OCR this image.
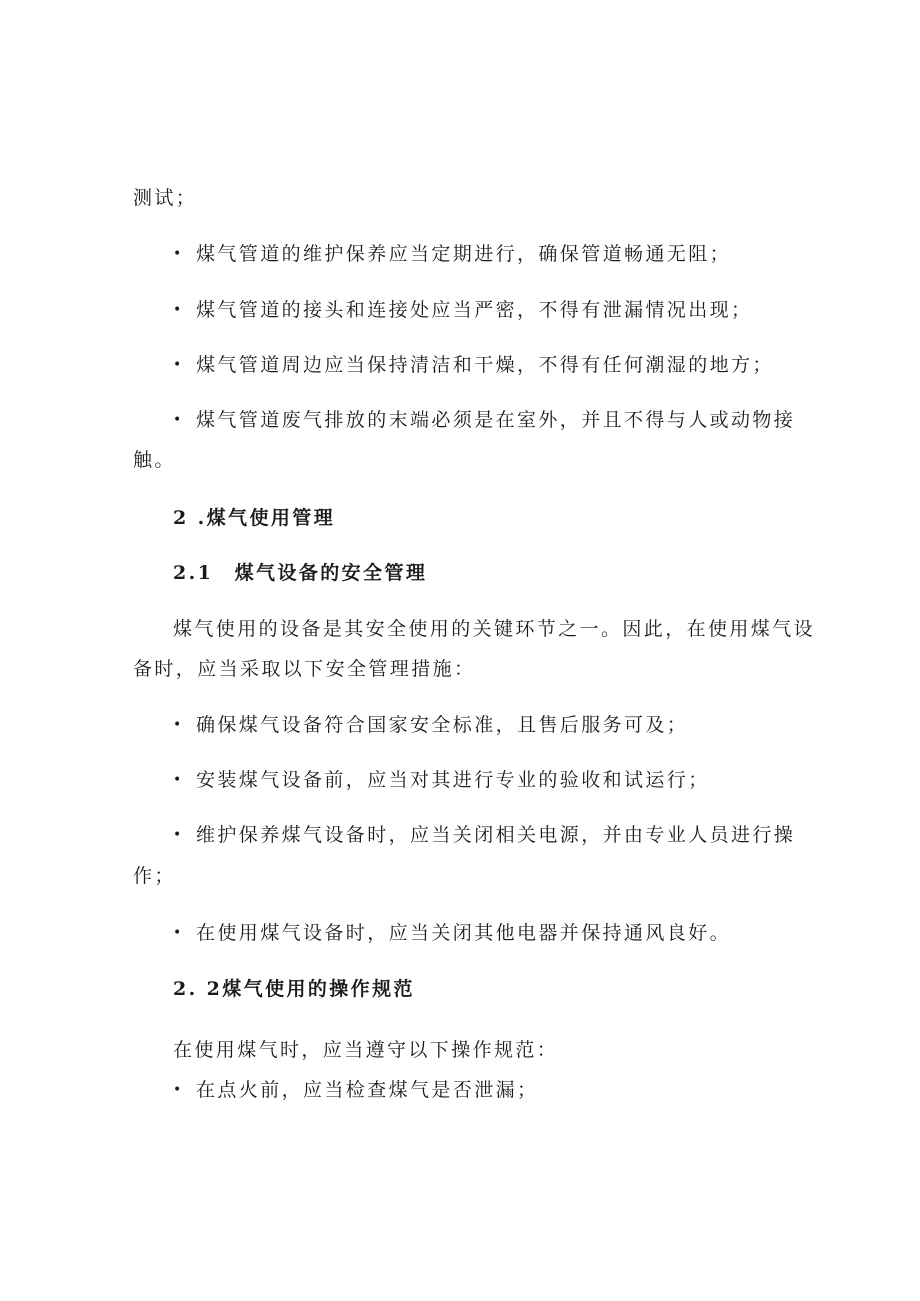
测试；
• 煤气管道的维护保养应当定期进行，确保管道畅通无阻；
• 煤气管道的接头和连接处应当严密，不得有泄漏情况出现；
• 煤气管道周边应当保持清洁和干燥，不得有任何潮湿的地方；
• 煤气管道废气排放的末端必须是在室外，并且不得与人或动物接
触。
2 .煤气使用管理
2.1　煤气设备的安全管理
煤气使用的设备是其安全使用的关键环节之一。因此，在使用煤气设
备时，应当采取以下安全管理措施：
• 确保煤气设备符合国家安全标准，且售后服务可及；
• 安装煤气设备前，应当对其进行专业的验收和试运行；
• 维护保养煤气设备时，应当关闭相关电源，并由专业人员进行操
作；
• 在使用煤气设备时，应当关闭其他电器并保持通风良好。
2. 2煤气使用的操作规范
在使用煤气时，应当遵守以下操作规范：
• 在点火前，应当检查煤气是否泄漏；
